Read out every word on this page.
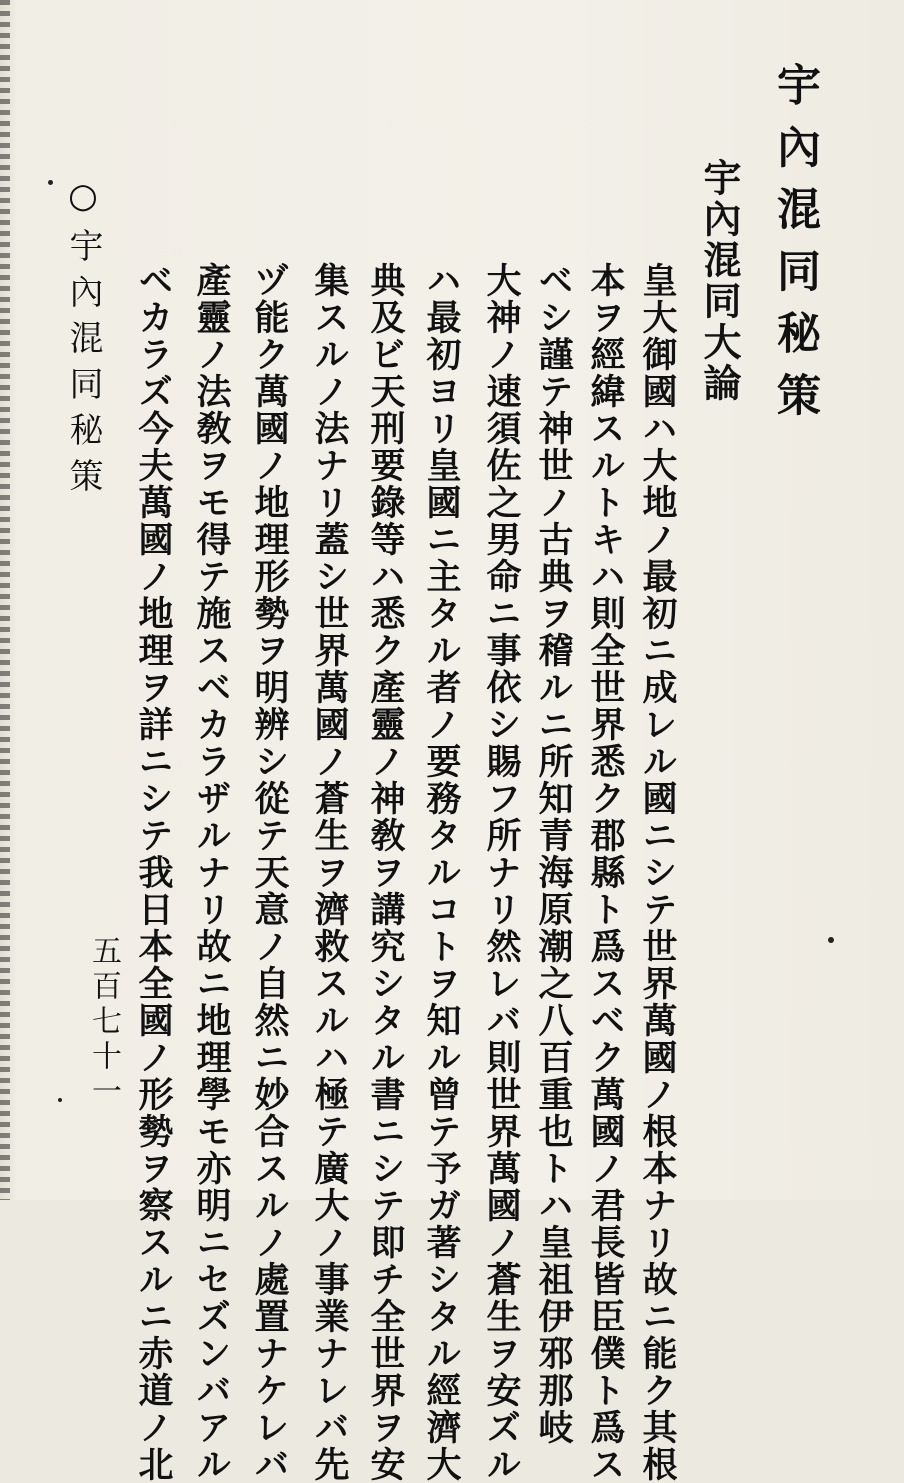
宇內混同秘策
宇內混同大論
皇大御國ハ大地ノ最初ニ成レル國ニシテ世界萬國ノ根本ナリ故ニ能ク其根
本ヲ經緯スルトキハ則全世界悉ク郡縣ト爲スベク萬國ノ君長皆臣僕ト爲ス
ベシ謹テ神世ノ古典ヲ稽ルニ所知青海原潮之八百重也トハ皇祖伊邪那岐
大神ノ速須佐之男命ニ事依シ賜フ所ナリ然レバ則世界萬國ノ蒼生ヲ安ズル
ハ最初ヨリ皇國ニ主タル者ノ要務タルコトヲ知ル曾テ予ガ著シタル經濟大
典及ビ天刑要錄等ハ悉ク產靈ノ神敎ヲ講究シタル書ニシテ即チ全世界ヲ安
集スルノ法ナリ蓋シ世界萬國ノ蒼生ヲ濟救スルハ極テ廣大ノ事業ナレバ先
ヅ能ク萬國ノ地理形勢ヲ明辨シ從テ天意ノ自然ニ妙合スルノ處置ナケレバ
產靈ノ法敎ヲモ得テ施スベカラザルナリ故ニ地理學モ亦明ニセズンバアル
ベカラズ今夫萬國ノ地理ヲ詳ニシテ我日本全國ノ形勢ヲ察スルニ赤道ノ北
○宇內混同秘策
五百七十一
